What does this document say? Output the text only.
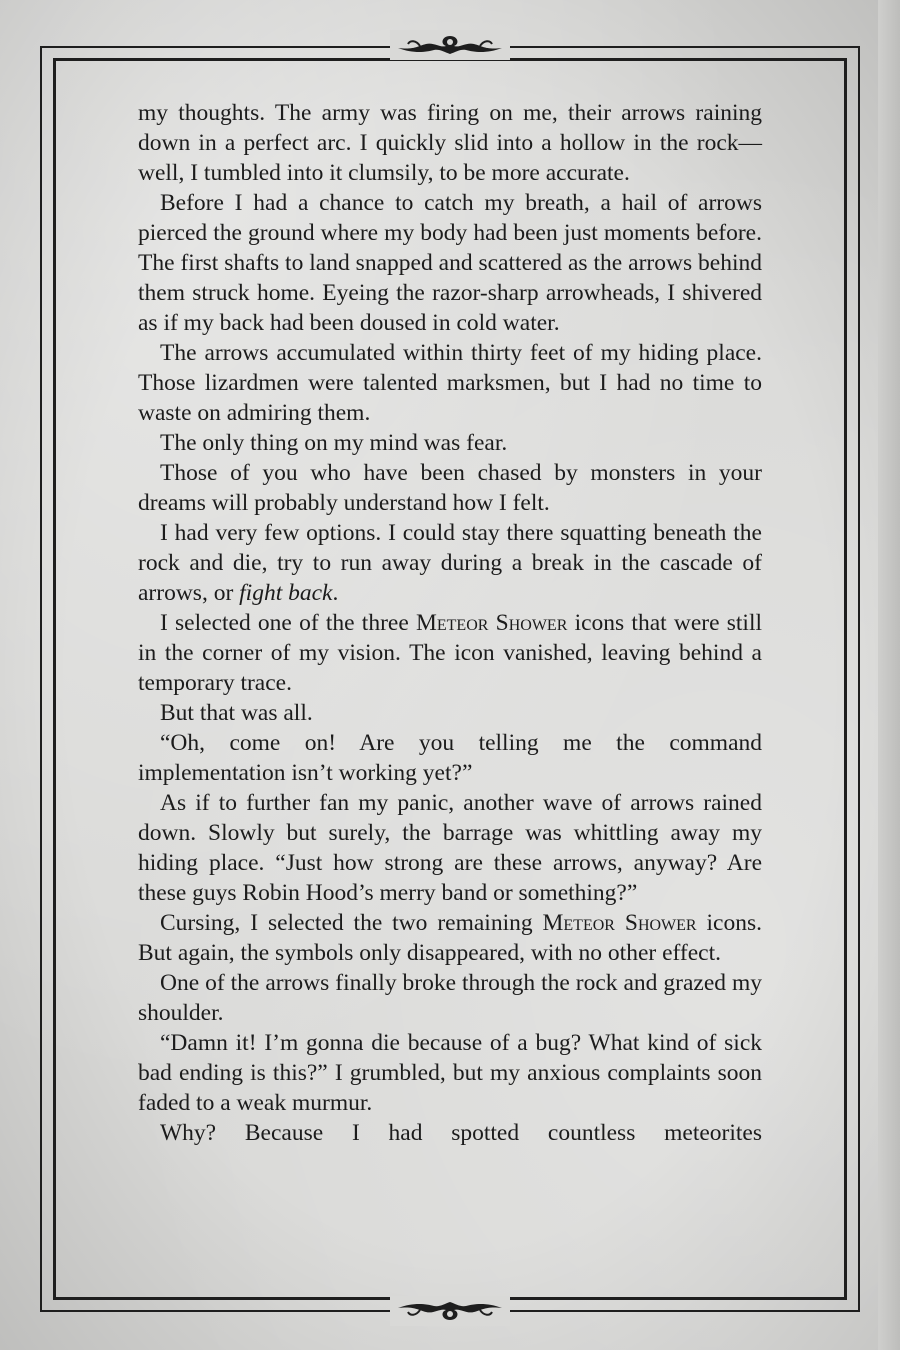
my thoughts. The army was firing on me, their arrows raining down in a perfect arc. I quickly slid into a hollow in the rock—well, I tumbled into it clumsily, to be more accurate.

Before I had a chance to catch my breath, a hail of arrows pierced the ground where my body had been just moments before. The first shafts to land snapped and scattered as the arrows behind them struck home. Eyeing the razor-sharp arrowheads, I shivered as if my back had been doused in cold water.

The arrows accumulated within thirty feet of my hiding place. Those lizardmen were talented marksmen, but I had no time to waste on admiring them.

The only thing on my mind was fear.

Those of you who have been chased by monsters in your dreams will probably understand how I felt.

I had very few options. I could stay there squatting beneath the rock and die, try to run away during a break in the cascade of arrows, or fight back.

I selected one of the three Meteor Shower icons that were still in the corner of my vision. The icon vanished, leaving behind a temporary trace.

But that was all.

“Oh, come on! Are you telling me the command implementation isn’t working yet?”

As if to further fan my panic, another wave of arrows rained down. Slowly but surely, the barrage was whittling away my hiding place. “Just how strong are these arrows, anyway? Are these guys Robin Hood’s merry band or something?”

Cursing, I selected the two remaining Meteor Shower icons. But again, the symbols only disappeared, with no other effect.

One of the arrows finally broke through the rock and grazed my shoulder.

“Damn it! I’m gonna die because of a bug? What kind of sick bad ending is this?” I grumbled, but my anxious complaints soon faded to a weak murmur.

Why? Because I had spotted countless meteorites
